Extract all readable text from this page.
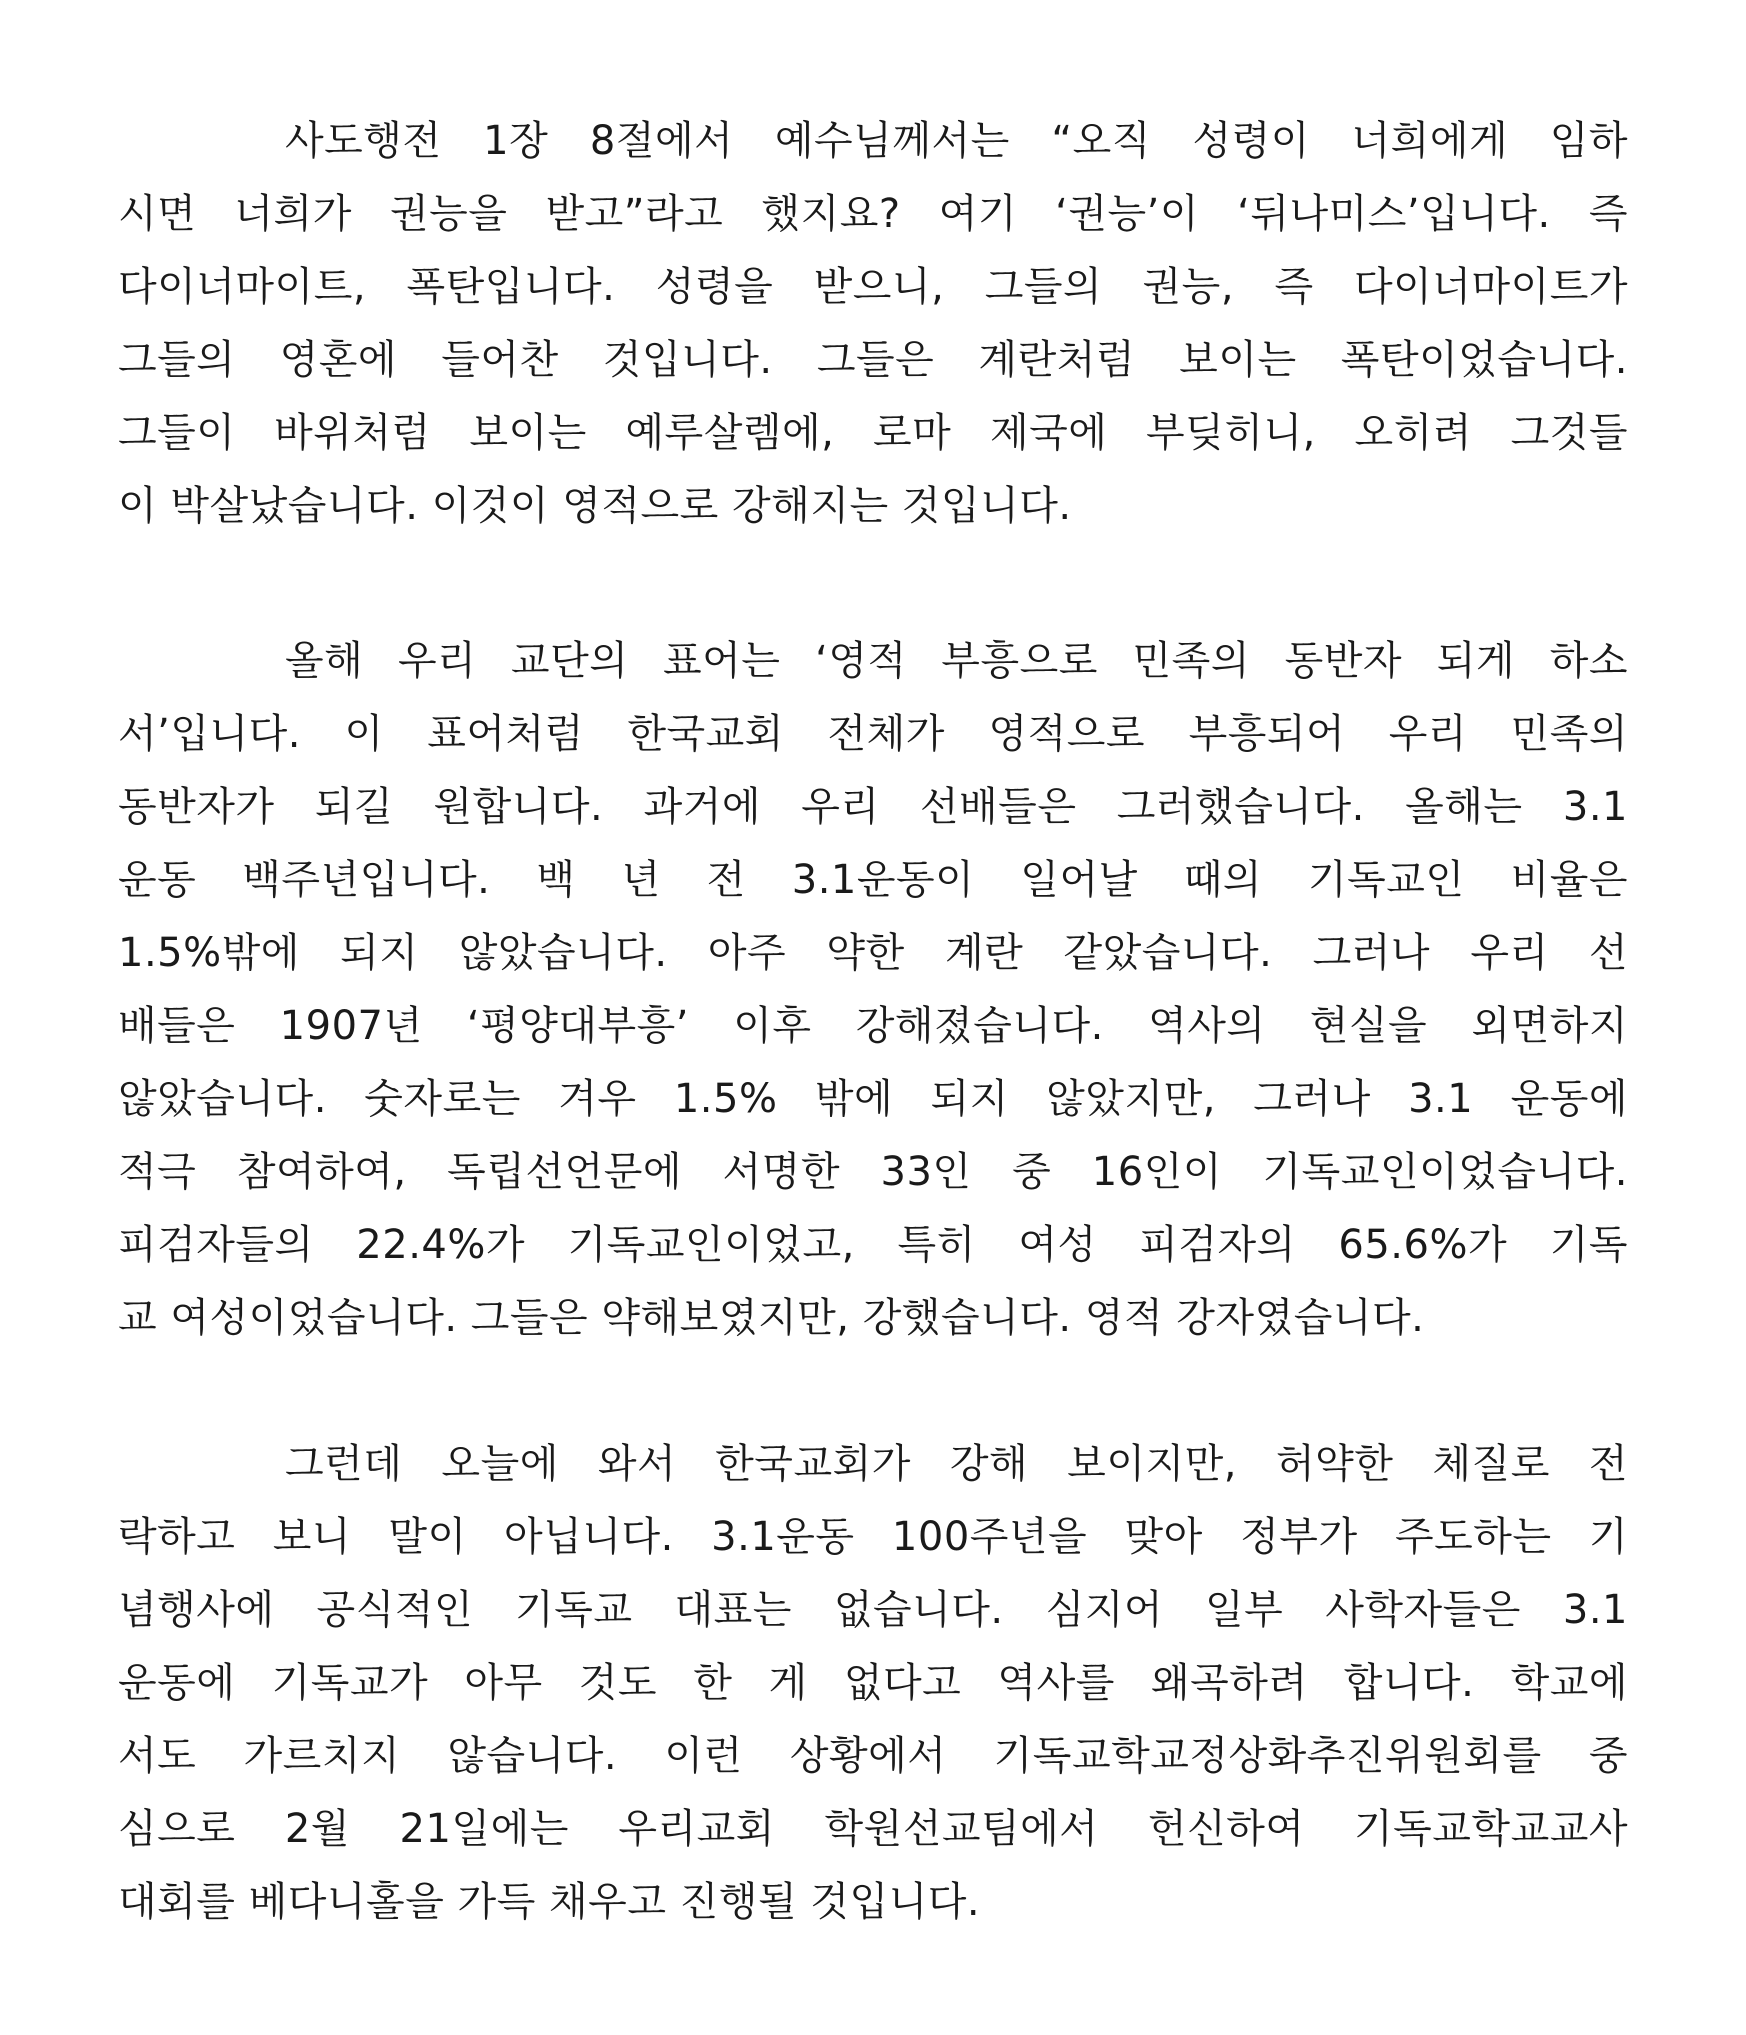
사도행전 1장 8절에서 예수님께서는 “오직 성령이 너희에게 임하
시면 너희가 권능을 받고”라고 했지요? 여기 ‘권능’이 ‘뒤나미스’입니다. 즉
다이너마이트, 폭탄입니다. 성령을 받으니, 그들의 권능, 즉 다이너마이트가
그들의 영혼에 들어찬 것입니다. 그들은 계란처럼 보이는 폭탄이었습니다.
그들이 바위처럼 보이는 예루살렘에, 로마 제국에 부딪히니, 오히려 그것들
이 박살났습니다. 이것이 영적으로 강해지는 것입니다.
올해 우리 교단의 표어는 ‘영적 부흥으로 민족의 동반자 되게 하소
서’입니다. 이 표어처럼 한국교회 전체가 영적으로 부흥되어 우리 민족의
동반자가 되길 원합니다. 과거에 우리 선배들은 그러했습니다. 올해는 3.1
운동 백주년입니다. 백 년 전 3.1운동이 일어날 때의 기독교인 비율은
1.5%밖에 되지 않았습니다. 아주 약한 계란 같았습니다. 그러나 우리 선
배들은 1907년 ‘평양대부흥’ 이후 강해졌습니다. 역사의 현실을 외면하지
않았습니다. 숫자로는 겨우 1.5% 밖에 되지 않았지만, 그러나 3.1 운동에
적극 참여하여, 독립선언문에 서명한 33인 중 16인이 기독교인이었습니다.
피검자들의 22.4%가 기독교인이었고, 특히 여성 피검자의 65.6%가 기독
교 여성이었습니다. 그들은 약해보였지만, 강했습니다. 영적 강자였습니다.
그런데 오늘에 와서 한국교회가 강해 보이지만, 허약한 체질로 전
락하고 보니 말이 아닙니다. 3.1운동 100주년을 맞아 정부가 주도하는 기
념행사에 공식적인 기독교 대표는 없습니다. 심지어 일부 사학자들은 3.1
운동에 기독교가 아무 것도 한 게 없다고 역사를 왜곡하려 합니다. 학교에
서도 가르치지 않습니다. 이런 상황에서 기독교학교정상화추진위원회를 중
심으로 2월 21일에는 우리교회 학원선교팀에서 헌신하여 기독교학교교사
대회를 베다니홀을 가득 채우고 진행될 것입니다.
